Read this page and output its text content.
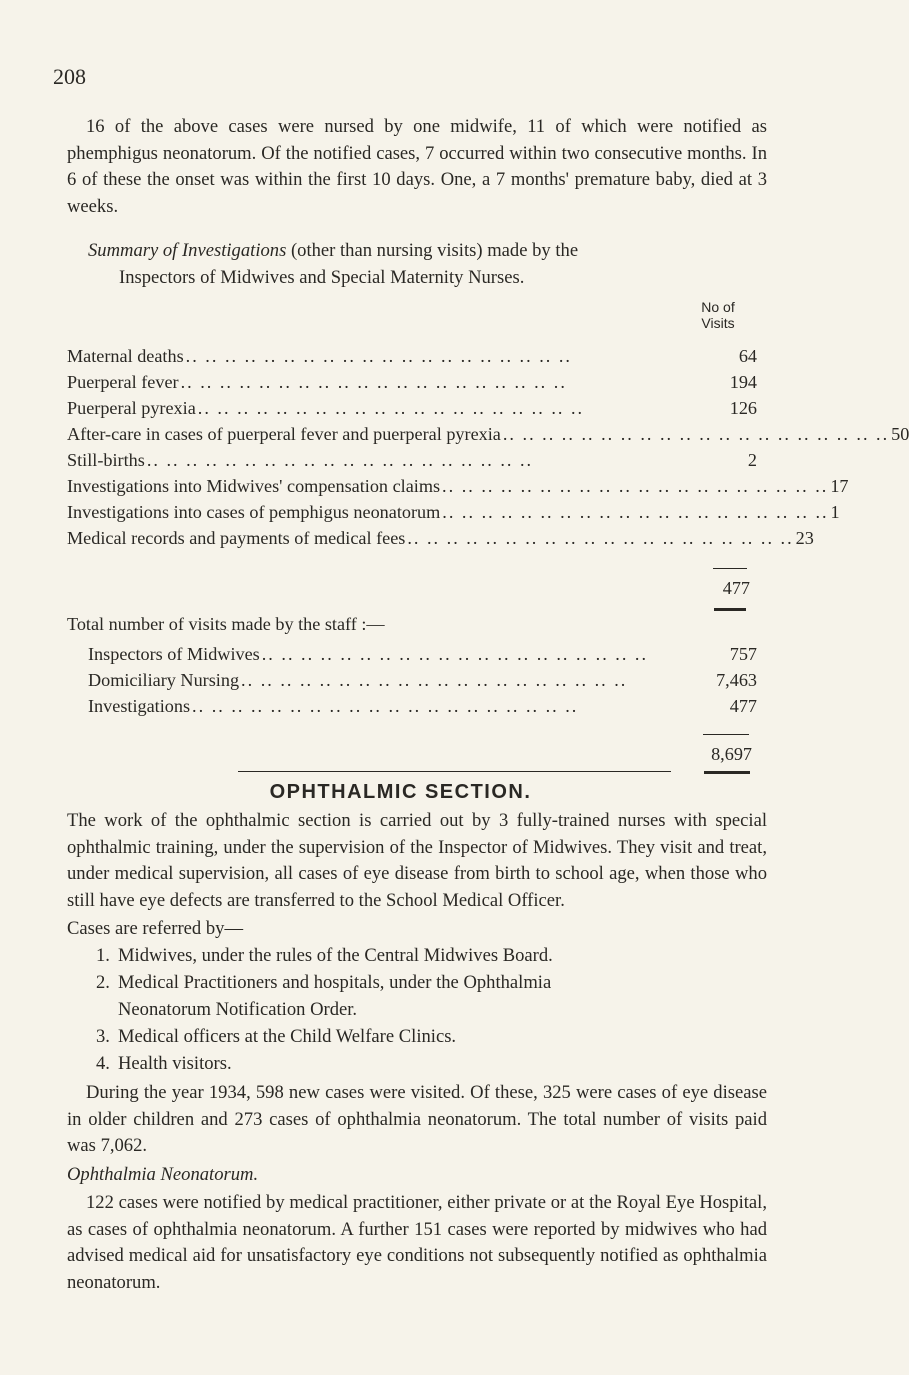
208

16 of the above cases were nursed by one midwife, 11 of which were notified as phemphigus neonatorum. Of the notified cases, 7 occurred within two consecutive months. In 6 of these the onset was within the first 10 days. One, a 7 months' premature baby, died at 3 weeks.

Summary of Investigations (other than nursing visits) made by the
Inspectors of Midwives and Special Maternity Nurses.
No of Visits
Maternal deaths .. .. .. .. .. .. .. .. .. .. .. .. .. .. .. .. .. .. .. ..	64
Puerperal fever .. .. .. .. .. .. .. .. .. .. .. .. .. .. .. .. .. .. .. ..	194
Puerperal pyrexia .. .. .. .. .. .. .. .. .. .. .. .. .. .. .. .. .. .. .. ..	126
After-care in cases of puerperal fever and puerperal pyrexia .. .. .. .. .. .. .. .. .. .. .. .. .. .. .. .. .. .. .. .. 50
Still-births .. .. .. .. .. .. .. .. .. .. .. .. .. .. .. .. .. .. .. ..	2
Investigations into Midwives' compensation claims .. .. .. .. .. .. .. .. .. .. .. .. .. .. .. .. .. .. .. .. 17
Investigations into cases of pemphigus neonatorum .. .. .. .. .. .. .. .. .. .. .. .. .. .. .. .. .. .. .. .. 1
Medical records and payments of medical fees .. .. .. .. .. .. .. .. .. .. .. .. .. .. .. .. .. .. .. .. 23
477
Total number of visits made by the staff :—
Inspectors of Midwives .. .. .. .. .. .. .. .. .. .. .. .. .. .. .. .. .. .. .. ..	757
Domiciliary Nursing .. .. .. .. .. .. .. .. .. .. .. .. .. .. .. .. .. .. .. ..	7,463
Investigations .. .. .. .. .. .. .. .. .. .. .. .. .. .. .. .. .. .. .. ..	477
8,697
OPHTHALMIC SECTION.

The work of the ophthalmic section is carried out by 3 fully-trained nurses with special ophthalmic training, under the supervision of the Inspector of Midwives. They visit and treat, under medical supervision, all cases of eye disease from birth to school age, when those who still have eye defects are transferred to the School Medical Officer.

Cases are referred by—
1. Midwives, under the rules of the Central Midwives Board.
2. Medical Practitioners and hospitals, under the Ophthalmia
Neonatorum Notification Order.
3. Medical officers at the Child Welfare Clinics.
4. Health visitors.

During the year 1934, 598 new cases were visited. Of these, 325 were cases of eye disease in older children and 273 cases of ophthalmia neonatorum. The total number of visits paid was 7,062.

Ophthalmia Neonatorum.

122 cases were notified by medical practitioner, either private or at the Royal Eye Hospital, as cases of ophthalmia neonatorum. A further 151 cases were reported by midwives who had advised medical aid for unsatisfactory eye conditions not subsequently notified as ophthalmia neonatorum.
